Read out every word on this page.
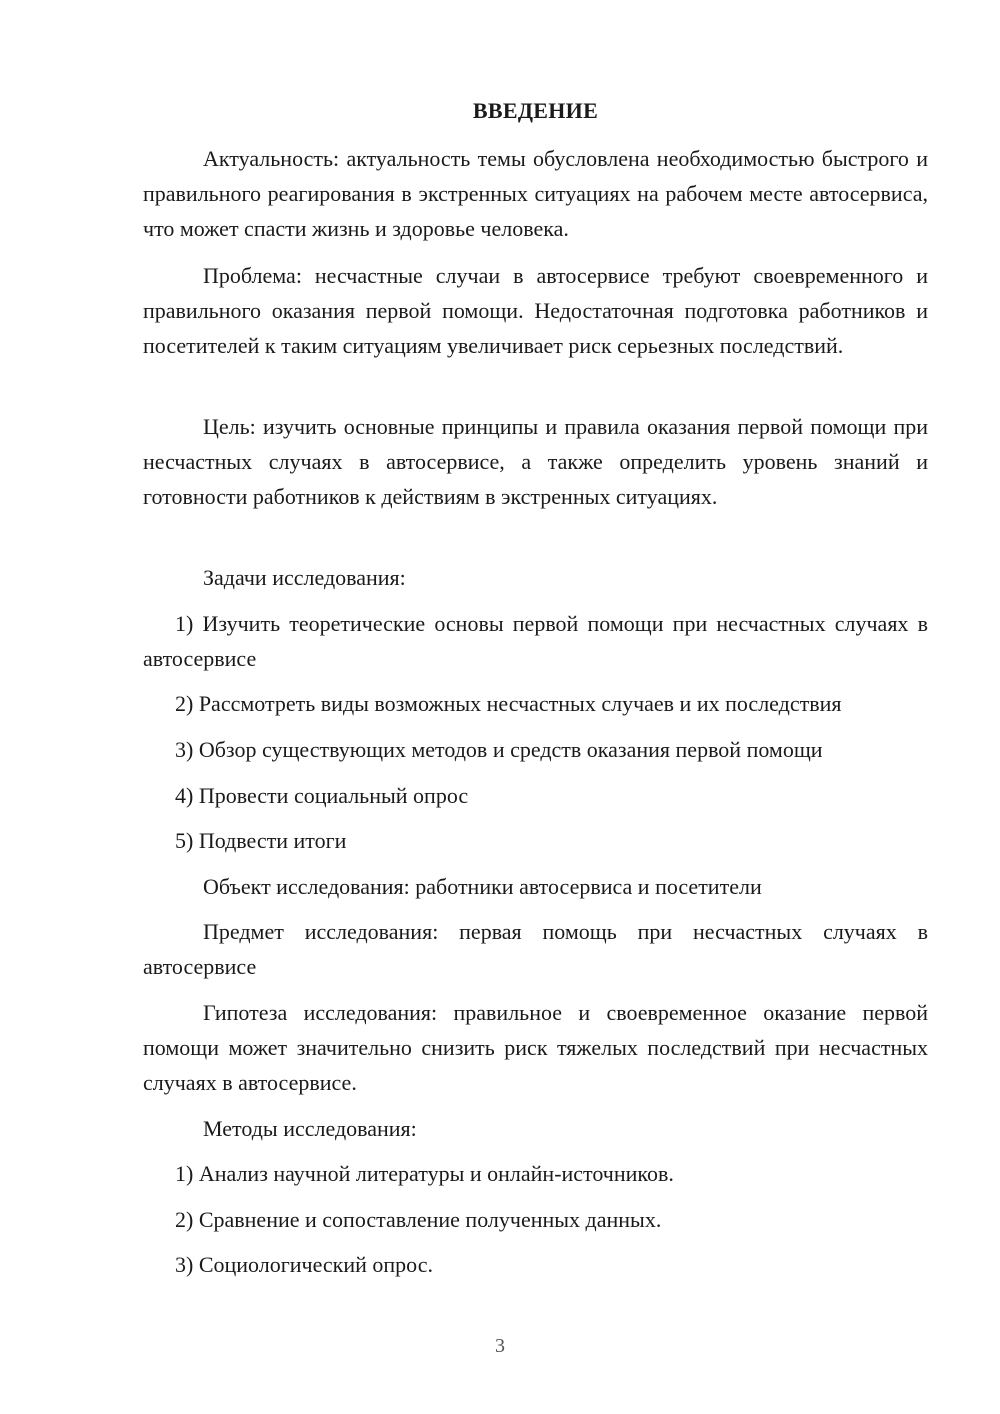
ВВЕДЕНИЕ

Актуальность: актуальность темы обусловлена необходимостью быстрого и правильного реагирования в экстренных ситуациях на рабочем месте автосервиса, что может спасти жизнь и здоровье человека.

Проблема: несчастные случаи в автосервисе требуют своевременного и правильного оказания первой помощи. Недостаточная подготовка работников и посетителей к таким ситуациям увеличивает риск серьезных последствий.

Цель: изучить основные принципы и правила оказания первой помощи при несчастных случаях в автосервисе, а также определить уровень знаний и готовности работников к действиям в экстренных ситуациях.

Задачи исследования:

1) Изучить теоретические основы первой помощи при несчастных случаях в автосервисе

2) Рассмотреть виды возможных несчастных случаев и их последствия

3) Обзор существующих методов и средств оказания первой помощи

4) Провести социальный опрос

5) Подвести итоги

Объект исследования: работники автосервиса и посетители

Предмет исследования: первая помощь при несчастных случаях в автосервисе

Гипотеза исследования: правильное и своевременное оказание первой помощи может значительно снизить риск тяжелых последствий при несчастных случаях в автосервисе.

Методы исследования:

1) Анализ научной литературы и онлайн-источников.

2) Сравнение и сопоставление полученных данных.

3) Социологический опрос.

3
